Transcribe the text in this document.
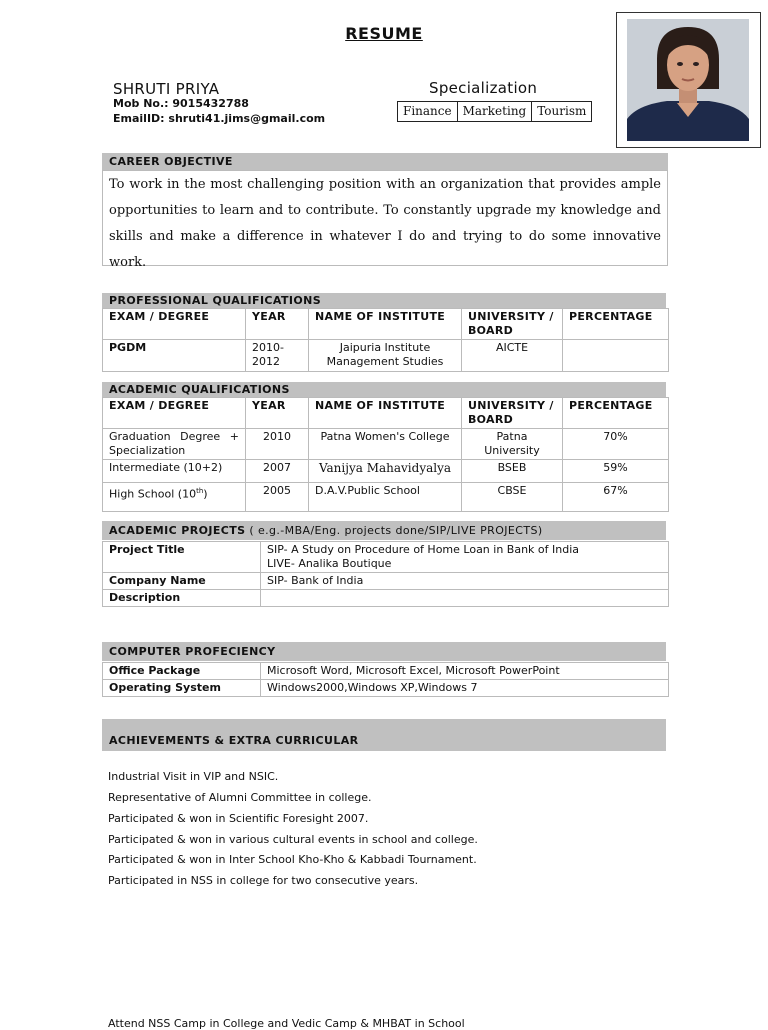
RESUME
SHRUTI PRIYA
Mob No.: 9015432788
EmailID: shruti41.jims@gmail.com
Specialization
Finance Marketing Tourism
CAREER OBJECTIVE
To work in the most challenging position with an organization that provides ample opportunities to learn and to contribute. To constantly upgrade my knowledge and skills and make a difference in whatever I do and trying to do some innovative work.
PROFESSIONAL QUALIFICATIONS
EXAM / DEGREE	YEAR	NAME OF INSTITUTE	UNIVERSITY / BOARD	PERCENTAGE
PGDM	2010-2012	Jaipuria Institute Management Studies	AICTE	
ACADEMIC QUALIFICATIONS
EXAM / DEGREE	YEAR	NAME OF INSTITUTE	UNIVERSITY / BOARD	PERCENTAGE
Graduation Degree + Specialization	2010	Patna Women's College	Patna University	70%
Intermediate (10+2)	2007	Vanijya Mahavidyalya	BSEB	59%
High School (10th)	2005	D.A.V.Public School	CBSE	67%
ACADEMIC PROJECTS ( e.g.-MBA/Eng. projects done/SIP/LIVE PROJECTS)
Project Title	SIP- A Study on Procedure of Home Loan in Bank of India
LIVE- Analika Boutique

Company Name	SIP- Bank of India
Description	
COMPUTER PROFECIENCY
Office Package	Microsoft Word, Microsoft Excel, Microsoft PowerPoint
Operating System	Windows2000,Windows XP,Windows 7
ACHIEVEMENTS & EXTRA CURRICULAR
Industrial Visit in VIP and NSIC.
Representative of Alumni Committee in college.
Participated & won in Scientific Foresight 2007.
Participated & won in various cultural events in school and college.
Participated & won in Inter School Kho-Kho & Kabbadi Tournament.
Participated in NSS in college for two consecutive years.
Attend NSS Camp in College and Vedic Camp & MHBAT in School
